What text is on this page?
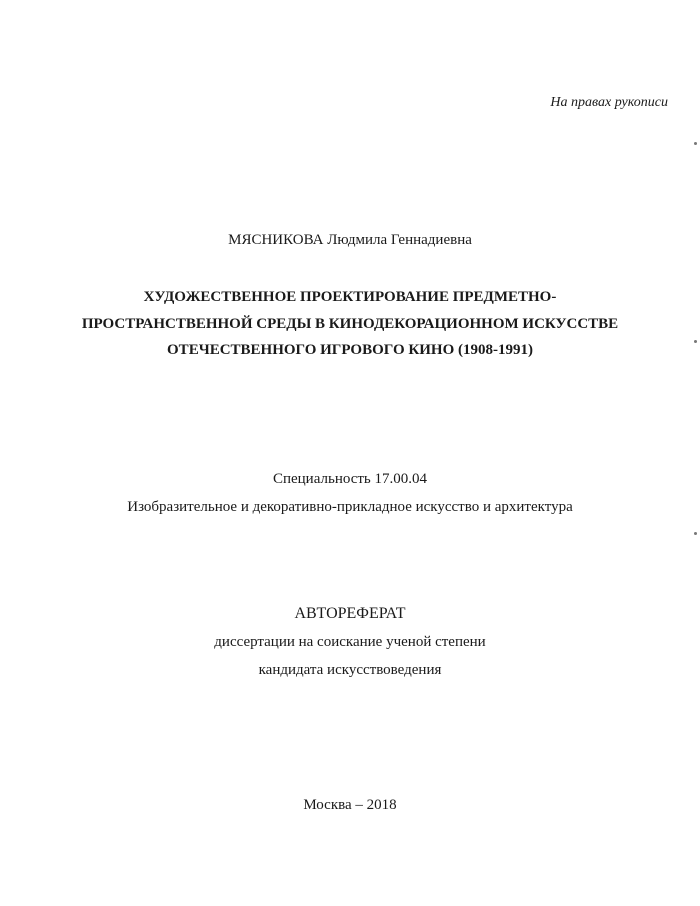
На правах рукописи
МЯСНИКОВА Людмила Геннадиевна
ХУДОЖЕСТВЕННОЕ ПРОЕКТИРОВАНИЕ ПРЕДМЕТНО-
ПРОСТРАНСТВЕННОЙ СРЕДЫ В КИНОДЕКОРАЦИОННОМ ИСКУССТВЕ
ОТЕЧЕСТВЕННОГО ИГРОВОГО КИНО (1908-1991)
Специальность 17.00.04
Изобразительное и декоративно-прикладное искусство и архитектура
АВТОРЕФЕРАТ
диссертации на соискание ученой степени
кандидата искусствоведения
Москва – 2018
